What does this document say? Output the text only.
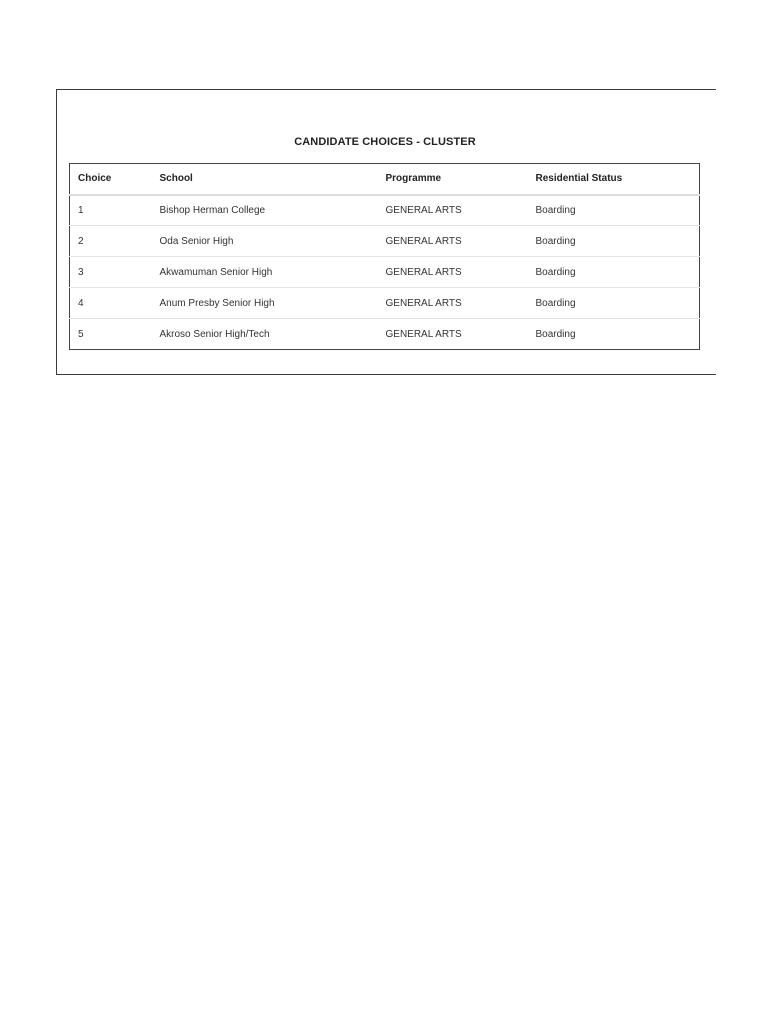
CANDIDATE CHOICES - CLUSTER
Choice	School	Programme	Residential Status
1	Bishop Herman College	GENERAL ARTS	Boarding
2	Oda Senior High	GENERAL ARTS	Boarding
3	Akwamuman Senior High	GENERAL ARTS	Boarding
4	Anum Presby Senior High	GENERAL ARTS	Boarding
5	Akroso Senior High/Tech	GENERAL ARTS	Boarding
